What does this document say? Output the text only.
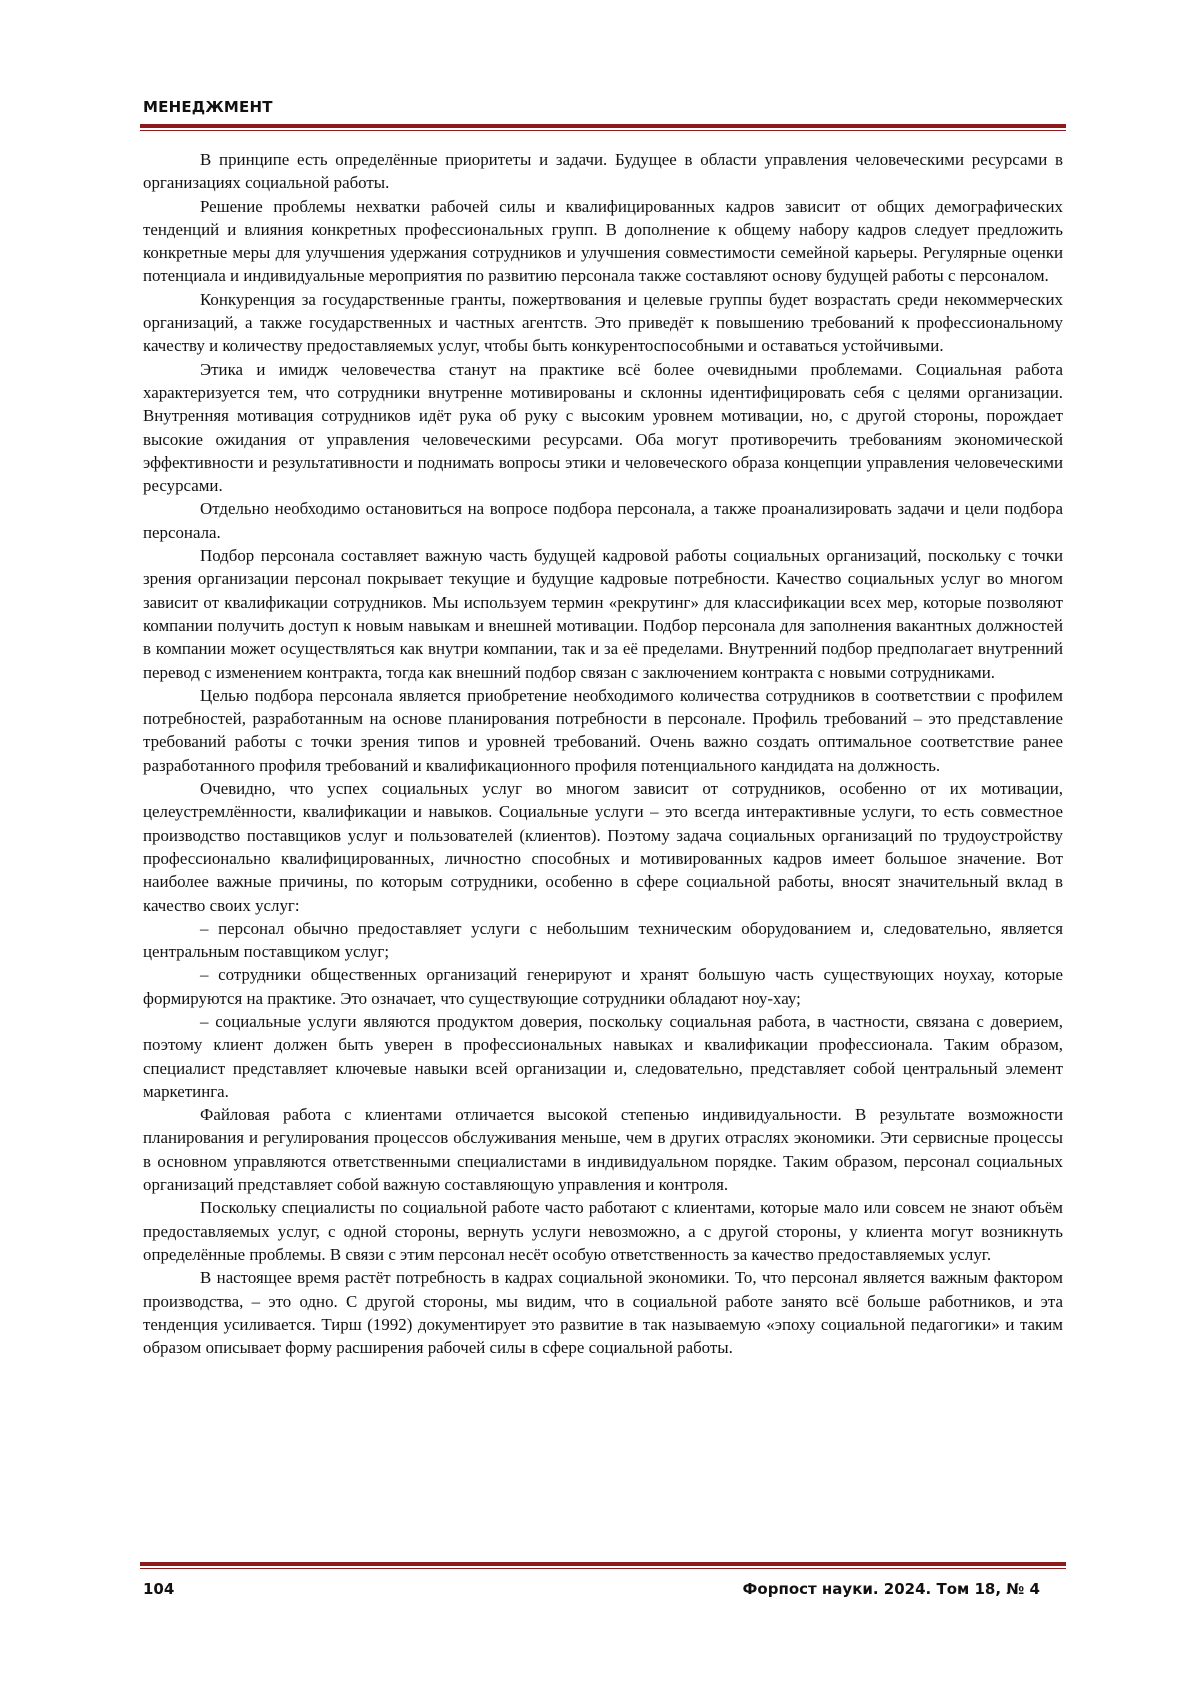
МЕНЕДЖМЕНТ

В принципе есть определённые приоритеты и задачи. Будущее в области управления человеческими ресурсами в организациях социальной работы.

Решение проблемы нехватки рабочей силы и квалифицированных кадров зависит от общих демографических тенденций и влияния конкретных профессиональных групп. В дополнение к общему набору кадров следует предложить конкретные меры для улучшения удержания сотрудников и улучшения совместимости семейной карьеры. Регулярные оценки потенциала и индивидуальные мероприятия по развитию персонала также составляют основу будущей работы с персоналом.

Конкуренция за государственные гранты, пожертвования и целевые группы будет возрастать среди некоммерческих организаций, а также государственных и частных агентств. Это приведёт к повышению требований к профессиональному качеству и количеству предоставляемых услуг, чтобы быть конкурентоспособными и оставаться устойчивыми.

Этика и имидж человечества станут на практике всё более очевидными проблемами. Социальная работа характеризуется тем, что сотрудники внутренне мотивированы и склонны идентифицировать себя с целями организации. Внутренняя мотивация сотрудников идёт рука об руку с высоким уровнем мотивации, но, с другой стороны, порождает высокие ожидания от управления человеческими ресурсами. Оба могут противоречить требованиям экономической эффективности и результативности и поднимать вопросы этики и человеческого образа концепции управления человеческими ресурсами.

Отдельно необходимо остановиться на вопросе подбора персонала, а также проанализировать задачи и цели подбора персонала.

Подбор персонала составляет важную часть будущей кадровой работы социальных организаций, поскольку с точки зрения организации персонал покрывает текущие и будущие кадровые потребности. Качество социальных услуг во многом зависит от квалификации сотрудников. Мы используем термин «рекрутинг» для классификации всех мер, которые позволяют компании получить доступ к новым навыкам и внешней мотивации. Подбор персонала для заполнения вакантных должностей в компании может осуществляться как внутри компании, так и за её пределами. Внутренний подбор предполагает внутренний перевод с изменением контракта, тогда как внешний подбор связан с заключением контракта с новыми сотрудниками.

Целью подбора персонала является приобретение необходимого количества сотрудников в соответствии с профилем потребностей, разработанным на основе планирования потребности в персонале. Профиль требований – это представление требований работы с точки зрения типов и уровней требований. Очень важно создать оптимальное соответствие ранее разработанного профиля требований и квалификационного профиля потенциального кандидата на должность.

Очевидно, что успех социальных услуг во многом зависит от сотрудников, особенно от их мотивации, целеустремлённости, квалификации и навыков. Социальные услуги – это всегда интерактивные услуги, то есть совместное производство поставщиков услуг и пользователей (клиентов). Поэтому задача социальных организаций по трудоустройству профессионально квалифицированных, личностно способных и мотивированных кадров имеет большое значение. Вот наиболее важные причины, по которым сотрудники, особенно в сфере социальной работы, вносят значительный вклад в качество своих услуг:

– персонал обычно предоставляет услуги с небольшим техническим оборудованием и, следовательно, является центральным поставщиком услуг;

– сотрудники общественных организаций генерируют и хранят большую часть существующих ноухау, которые формируются на практике. Это означает, что существующие сотрудники обладают ноу-хау;

– социальные услуги являются продуктом доверия, поскольку социальная работа, в частности, связана с доверием, поэтому клиент должен быть уверен в профессиональных навыках и квалификации профессионала. Таким образом, специалист представляет ключевые навыки всей организации и, следовательно, представляет собой центральный элемент маркетинга.

Файловая работа с клиентами отличается высокой степенью индивидуальности. В результате возможности планирования и регулирования процессов обслуживания меньше, чем в других отраслях экономики. Эти сервисные процессы в основном управляются ответственными специалистами в индивидуальном порядке. Таким образом, персонал социальных организаций представляет собой важную составляющую управления и контроля.

Поскольку специалисты по социальной работе часто работают с клиентами, которые мало или совсем не знают объём предоставляемых услуг, с одной стороны, вернуть услуги невозможно, а с другой стороны, у клиента могут возникнуть определённые проблемы. В связи с этим персонал несёт особую ответственность за качество предоставляемых услуг.

В настоящее время растёт потребность в кадрах социальной экономики. То, что персонал является важным фактором производства, – это одно. С другой стороны, мы видим, что в социальной работе занято всё больше работников, и эта тенденция усиливается. Тирш (1992) документирует это развитие в так называемую «эпоху социальной педагогики» и таким образом описывает форму расширения рабочей силы в сфере социальной работы.

104	Форпост науки. 2024. Том 18, № 4
